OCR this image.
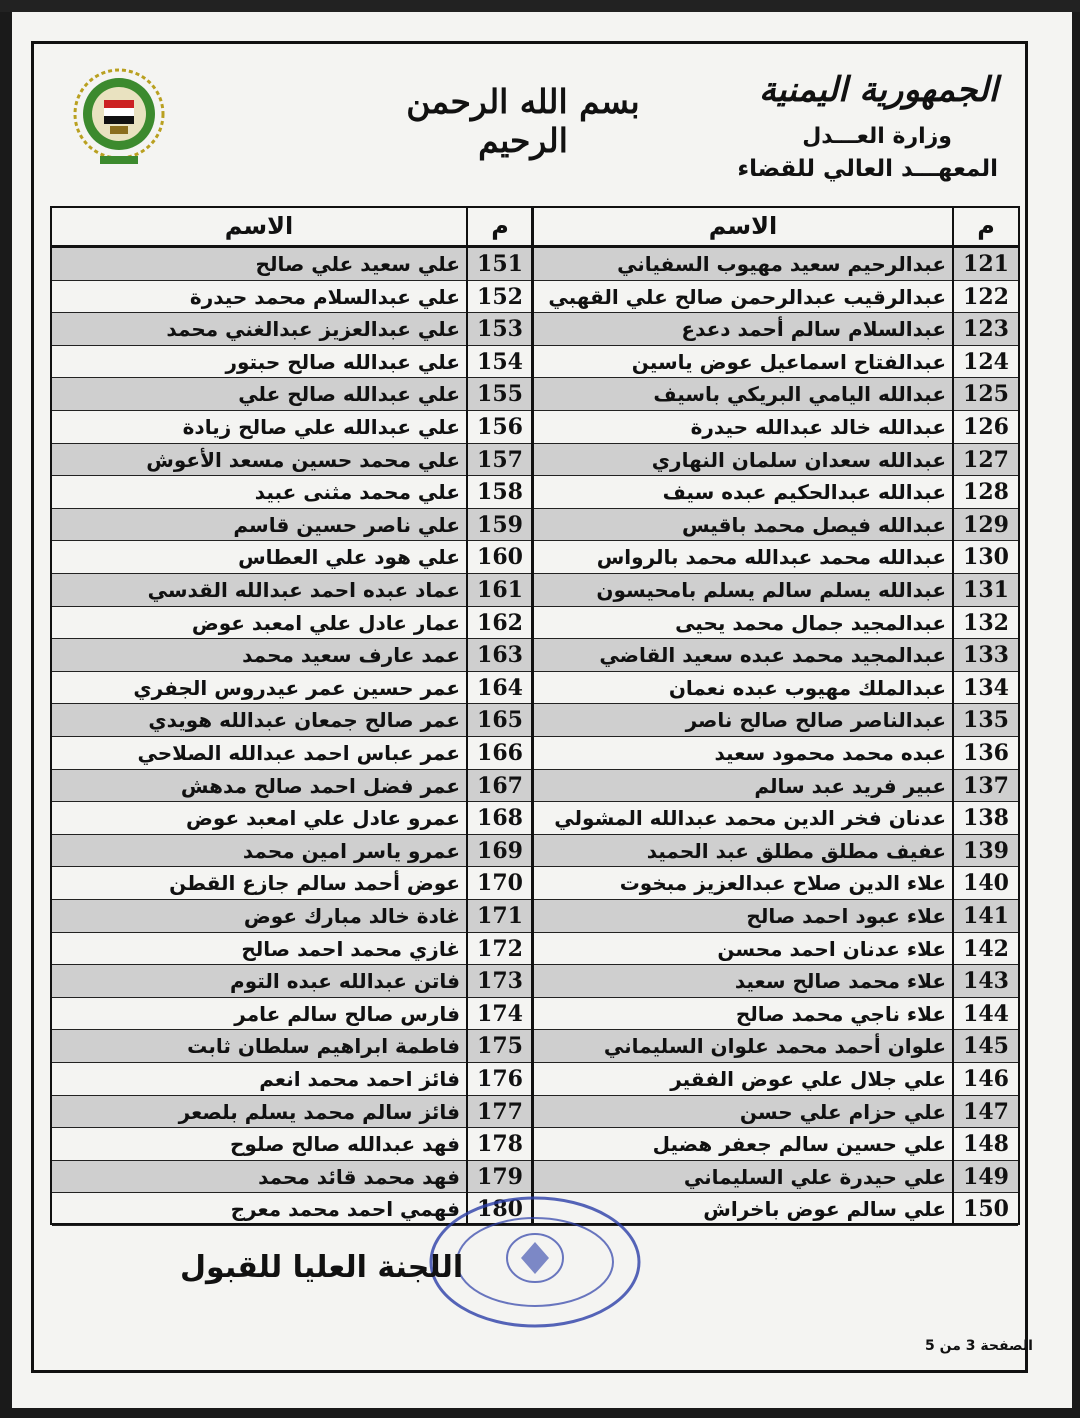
الجمهورية اليمنية
وزارة العـــدل
المعهـــد العالي للقضاء
بسم الله الرحمن الرحيم
م
الاسم
م
الاسم
121
عبدالرحيم سعيد مهيوب السفياني
151
علي سعيد علي صالح
122
عبدالرقيب عبدالرحمن صالح علي القهبي
152
علي عبدالسلام محمد حيدرة
123
عبدالسلام سالم أحمد دعدع
153
علي عبدالعزيز عبدالغني محمد
124
عبدالفتاح اسماعيل عوض ياسين
154
علي عبدالله صالح حبتور
125
عبدالله اليامي البريكي باسيف
155
علي عبدالله صالح علي
126
عبدالله خالد عبدالله حيدرة
156
علي عبدالله علي صالح زيادة
127
عبدالله سعدان سلمان النهاري
157
علي محمد حسين مسعد الأعوش
128
عبدالله عبدالحكيم عبده سيف
158
علي محمد مثنى عبيد
129
عبدالله فيصل محمد باقيس
159
علي ناصر حسين قاسم
130
عبدالله محمد عبدالله محمد بالرواس
160
علي هود علي العطاس
131
عبدالله يسلم سالم يسلم بامحيسون
161
عماد عبده احمد عبدالله القدسي
132
عبدالمجيد جمال محمد يحيى
162
عمار عادل علي امعبد عوض
133
عبدالمجيد محمد عبده سعيد القاضي
163
عمد عارف سعيد محمد
134
عبدالملك مهيوب عبده نعمان
164
عمر حسين عمر عيدروس الجفري
135
عبدالناصر صالح صالح ناصر
165
عمر صالح جمعان عبدالله هويدي
136
عبده محمد محمود سعيد
166
عمر عباس احمد عبدالله الصلاحي
137
عبير فريد عبد سالم
167
عمر فضل احمد صالح مدهش
138
عدنان فخر الدين محمد عبدالله المشولي
168
عمرو عادل علي امعبد عوض
139
عفيف مطلق مطلق عبد الحميد
169
عمرو ياسر امين محمد
140
علاء الدين صلاح عبدالعزيز مبخوت
170
عوض أحمد سالم جازع القطن
141
علاء عبود احمد صالح
171
غادة خالد مبارك عوض
142
علاء عدنان احمد محسن
172
غازي محمد احمد صالح
143
علاء محمد صالح سعيد
173
فاتن عبدالله عبده التوم
144
علاء ناجي محمد صالح
174
فارس صالح سالم عامر
145
علوان أحمد محمد علوان السليماني
175
فاطمة ابراهيم سلطان ثابت
146
علي جلال علي عوض الفقير
176
فائز احمد محمد انعم
147
علي حزام علي حسن
177
فائز سالم محمد يسلم بلصعر
148
علي حسين سالم جعفر هضيل
178
فهد عبدالله صالح صلوح
149
علي حيدرة علي السليماني
179
فهد محمد قائد محمد
150
علي سالم عوض باخراش
180
فهمي احمد محمد معرج
اللجنة العليا للقبول
الصفحة 3 من 5
